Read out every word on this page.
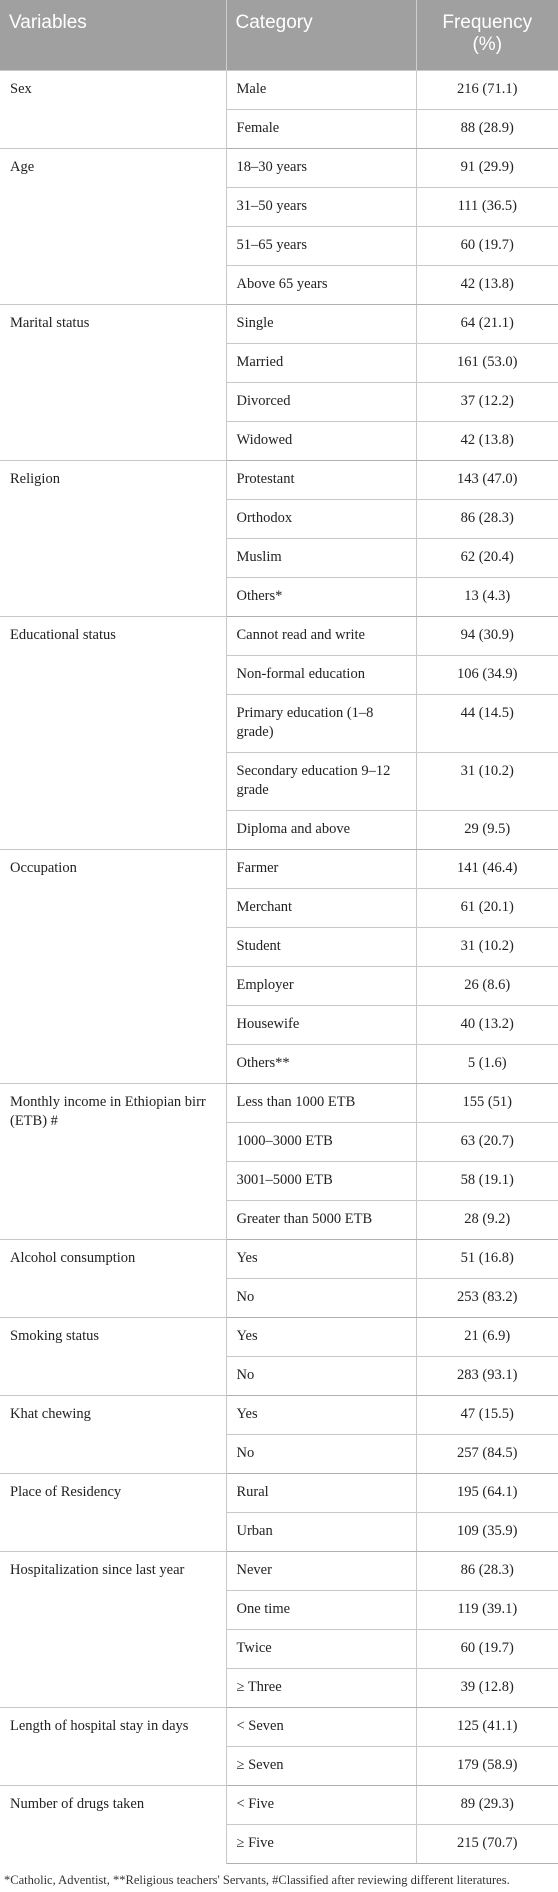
Variables	Category	Frequency (%)
Sex	Male	216 (71.1)
	Female	88 (28.9)
Age	18–30 years	91 (29.9)
	31–50 years	111 (36.5)
	51–65 years	60 (19.7)
	Above 65 years	42 (13.8)
Marital status	Single	64 (21.1)
	Married	161 (53.0)
	Divorced	37 (12.2)
	Widowed	42 (13.8)
Religion	Protestant	143 (47.0)
	Orthodox	86 (28.3)
	Muslim	62 (20.4)
	Others*	13 (4.3)
Educational status	Cannot read and write	94 (30.9)
	Non-formal education	106 (34.9)
	Primary education (1–8 grade)	44 (14.5)
	Secondary education 9–12 grade	31 (10.2)
	Diploma and above	29 (9.5)
Occupation	Farmer	141 (46.4)
	Merchant	61 (20.1)
	Student	31 (10.2)
	Employer	26 (8.6)
	Housewife	40 (13.2)
	Others**	5 (1.6)
Monthly income in Ethiopian birr (ETB) #	Less than 1000 ETB	155 (51)
	1000–3000 ETB	63 (20.7)
	3001–5000 ETB	58 (19.1)
	Greater than 5000 ETB	28 (9.2)
Alcohol consumption	Yes	51 (16.8)
	No	253 (83.2)
Smoking status	Yes	21 (6.9)
	No	283 (93.1)
Khat chewing	Yes	47 (15.5)
	No	257 (84.5)
Place of Residency	Rural	195 (64.1)
	Urban	109 (35.9)
Hospitalization since last year	Never	86 (28.3)
	One time	119 (39.1)
	Twice	60 (19.7)
	≥ Three	39 (12.8)
Length of hospital stay in days	< Seven	125 (41.1)
	≥ Seven	179 (58.9)
Number of drugs taken	< Five	89 (29.3)
	≥ Five	215 (70.7)
*Catholic, Adventist, **Religious teachers' Servants, #Classified after reviewing different literatures.
